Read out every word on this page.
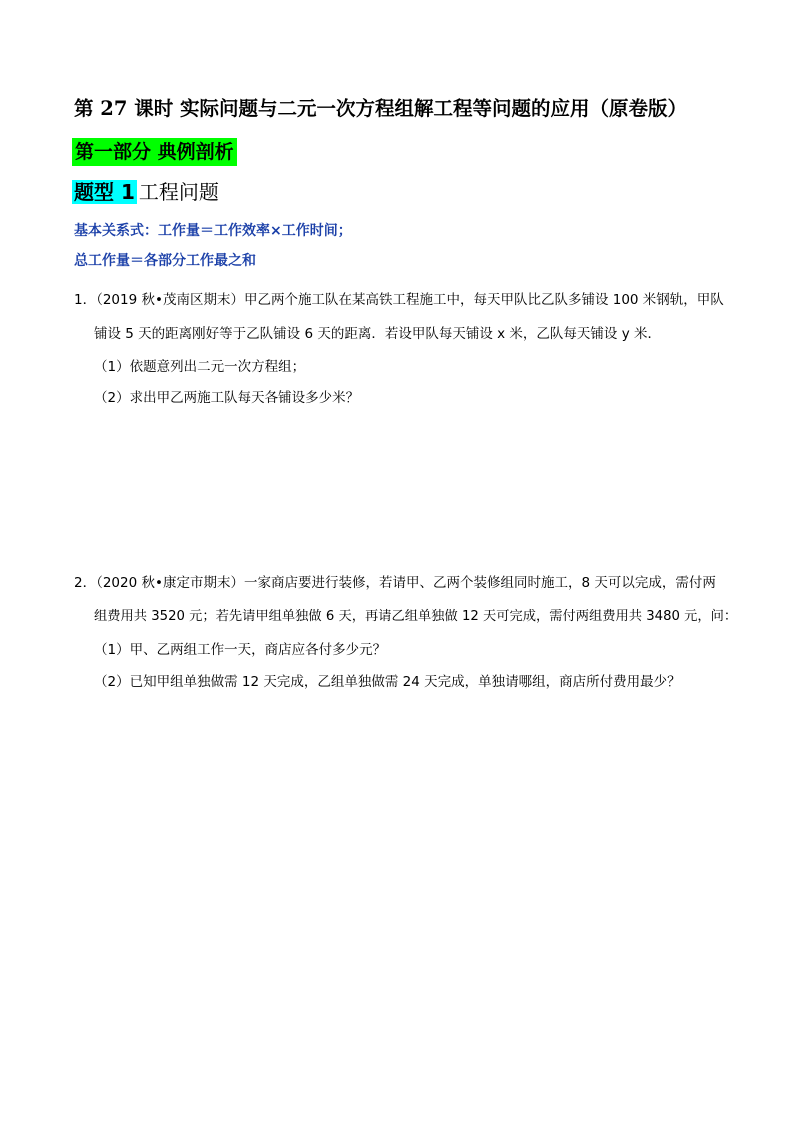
第 27 课时 实际问题与二元一次方程组解工程等问题的应用（原卷版）
第一部分 典例剖析
题型 1 工程问题
基本关系式：工作量＝工作效率×工作时间；
总工作量＝各部分工作最之和
1．（2019 秋•茂南区期末）甲乙两个施工队在某高铁工程施工中，每天甲队比乙队多铺设 100 米钢轨，甲队
铺设 5 天的距离刚好等于乙队铺设 6 天的距离．若设甲队每天铺设 x 米，乙队每天铺设 y 米．
（1）依题意列出二元一次方程组；
（2）求出甲乙两施工队每天各铺设多少米？
2．（2020 秋•康定市期末）一家商店要进行装修，若请甲、乙两个装修组同时施工，8 天可以完成，需付两
组费用共 3520 元；若先请甲组单独做 6 天，再请乙组单独做 12 天可完成，需付两组费用共 3480 元，问：
（1）甲、乙两组工作一天，商店应各付多少元？
（2）已知甲组单独做需 12 天完成，乙组单独做需 24 天完成，单独请哪组，商店所付费用最少？
